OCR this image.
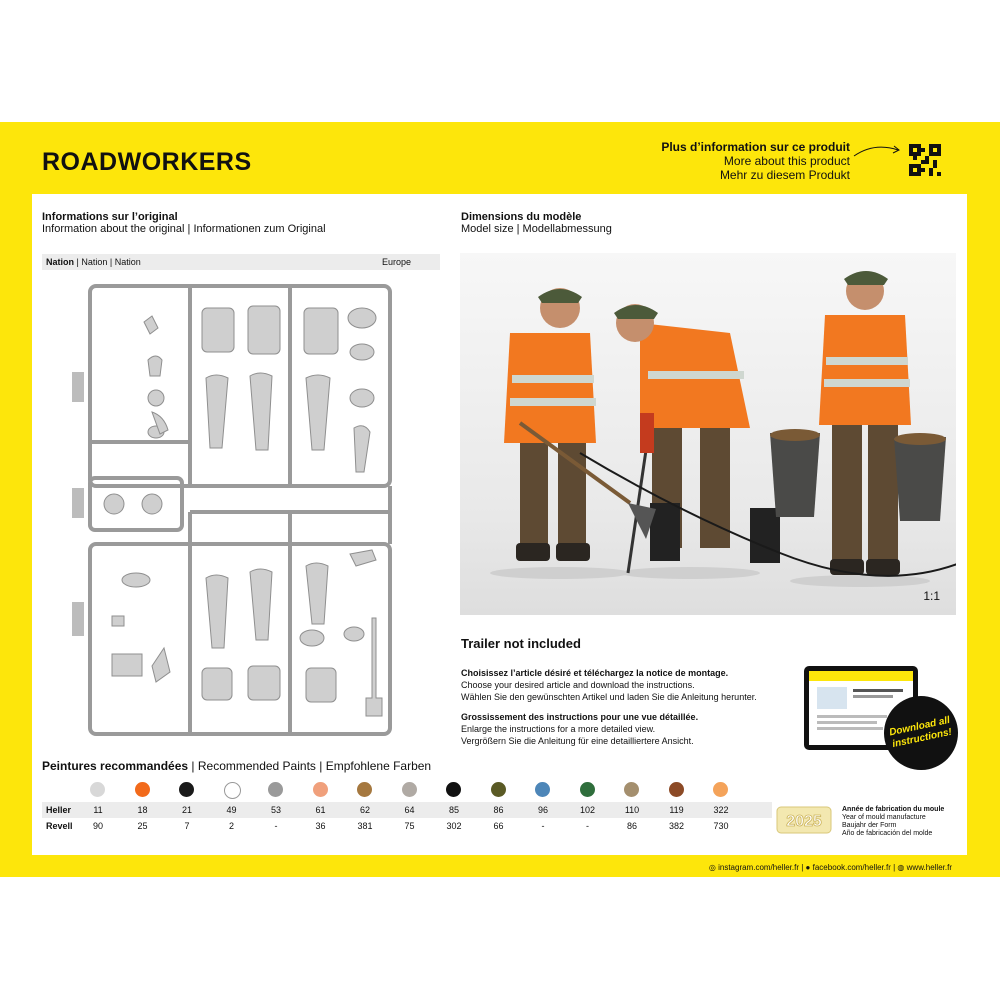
ROADWORKERS
Plus d’information sur ce produit
More about this product
Mehr zu diesem Produkt
Informations sur l’original
Information about the original | Informationen zum Original
Nation | Nation | Nation	Europe
Dimensions du modèle
Model size | Modellabmessung
1:1
Trailer not included

Choisissez l’article désiré et téléchargez la notice de montage.
Choose your desired article and download the instructions.
Wählen Sie den gewünschten Artikel und laden Sie die Anleitung herunter.

Grossissement des instructions pour une vue détaillée.
Enlarge the instructions for a more detailed view.
Vergrößern Sie die Anleitung für eine detailliertere Ansicht.

Download all instructions!
Peintures recommandées | Recommended Paints | Empfohlene Farben
Heller	11	18	21	49	53	61	62	64	85	86	96	102	110	119	322
Revell	90	25	7	2	-	36	381	75	302	66	-	-	86	382	730	2025
Année de fabrication du moule
Year of mould manufacture
Baujahr der Form
Año de fabricación del molde
◎ instagram.com/heller.fr | ● facebook.com/heller.fr | ◍ www.heller.fr
